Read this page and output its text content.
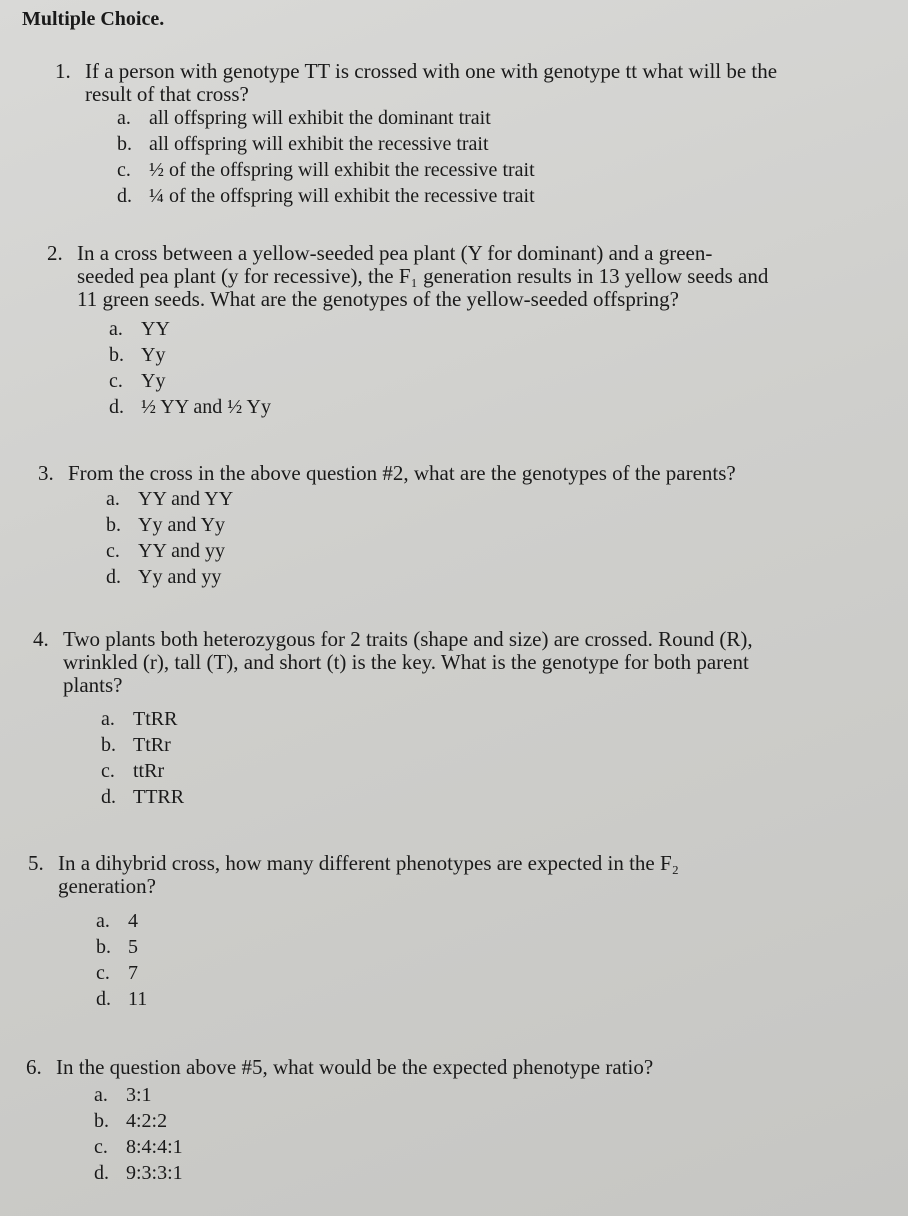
Multiple Choice.
1. If a person with genotype TT is crossed with one with genotype tt what will be the
result of that cross?
a. all offspring will exhibit the dominant trait
b. all offspring will exhibit the recessive trait
c. ½ of the offspring will exhibit the recessive trait
d. ¼ of the offspring will exhibit the recessive trait
2. In a cross between a yellow-seeded pea plant (Y for dominant) and a green-
seeded pea plant (y for recessive), the F₁ generation results in 13 yellow seeds and
11 green seeds. What are the genotypes of the yellow-seeded offspring?
a. YY
b. Yy
c. Yy
d. ½ YY and ½ Yy
3. From the cross in the above question #2, what are the genotypes of the parents?
a. YY and YY
b. Yy and Yy
c. YY and yy
d. Yy and yy
4. Two plants both heterozygous for 2 traits (shape and size) are crossed. Round (R),
wrinkled (r), tall (T), and short (t) is the key. What is the genotype for both parent
plants?
a. TtRR
b. TtRr
c. ttRr
d. TTRR
5. In a dihybrid cross, how many different phenotypes are expected in the F₂
generation?
a. 4
b. 5
c. 7
d. 11
6. In the question above #5, what would be the expected phenotype ratio?
a. 3:1
b. 4:2:2
c. 8:4:4:1
d. 9:3:3:1
